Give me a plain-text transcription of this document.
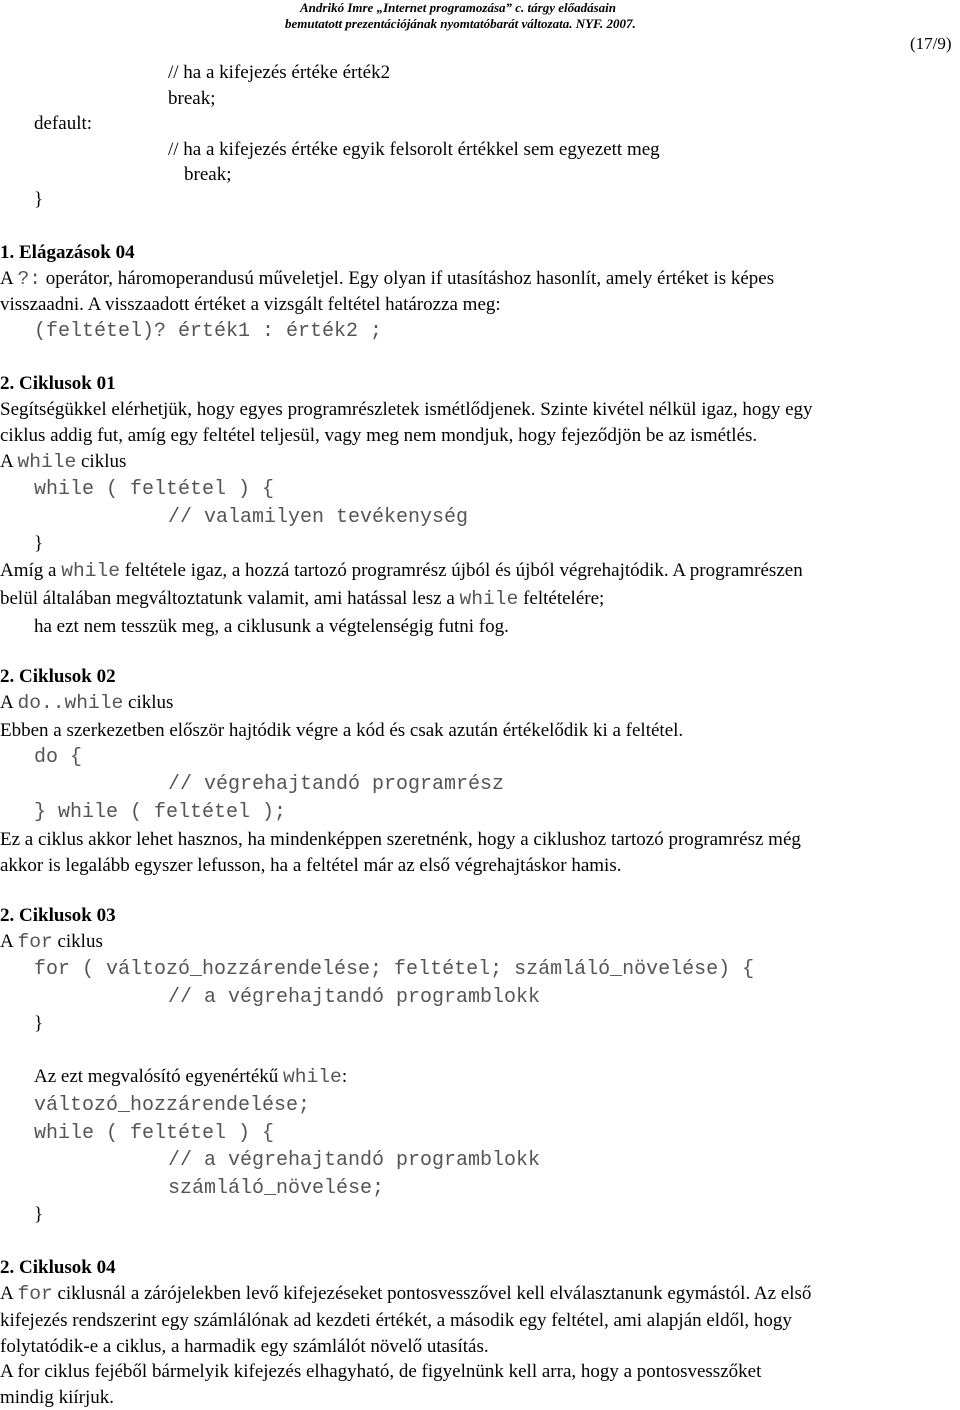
Andrikó Imre „Internet programozása” c. tárgy előadásain
bemutatott prezentációjának nyomtatóbarát változata. NYF. 2007.
(17/9)
// ha a kifejezés értéke érték2
break;
default:
// ha a kifejezés értéke egyik felsorolt értékkel sem egyezett meg
break;
}
1. Elágazások 04
A ?: operátor, háromoperandusú műveletjel. Egy olyan if utasításhoz hasonlít, amely értéket is képes
visszaadni. A visszaadott értéket a vizsgált feltétel határozza meg:
(feltétel)? érték1 : érték2 ;
2. Ciklusok 01
Segítségükkel elérhetjük, hogy egyes programrészletek ismétlődjenek. Szinte kivétel nélkül igaz, hogy egy
ciklus addig fut, amíg egy feltétel teljesül, vagy meg nem mondjuk, hogy fejeződjön be az ismétlés.
A while ciklus
while ( feltétel ) {
// valamilyen tevékenység
}
Amíg a while feltétele igaz, a hozzá tartozó programrész újból és újból végrehajtódik. A programrészen
belül általában megváltoztatunk valamit, ami hatással lesz a while feltételére;
ha ezt nem tesszük meg, a ciklusunk a végtelenségig futni fog.
2. Ciklusok 02
A do..while ciklus
Ebben a szerkezetben először hajtódik végre a kód és csak azután értékelődik ki a feltétel.
do {
// végrehajtandó programrész
} while ( feltétel );
Ez a ciklus akkor lehet hasznos, ha mindenképpen szeretnénk, hogy a ciklushoz tartozó programrész még
akkor is legalább egyszer lefusson, ha a feltétel már az első végrehajtáskor hamis.
2. Ciklusok 03
A for ciklus
for ( változó_hozzárendelése; feltétel; számláló_növelése) {
// a végrehajtandó programblokk
}
Az ezt megvalósító egyenértékű while:
változó_hozzárendelése;
while ( feltétel ) {
// a végrehajtandó programblokk
számláló_növelése;
}
2. Ciklusok 04
A for ciklusnál a zárójelekben levő kifejezéseket pontosvesszővel kell elválasztanunk egymástól. Az első
kifejezés rendszerint egy számlálónak ad kezdeti értékét, a második egy feltétel, ami alapján eldől, hogy
folytatódik-e a ciklus, a harmadik egy számlálót növelő utasítás.
A for ciklus fejéből bármelyik kifejezés elhagyható, de figyelnünk kell arra, hogy a pontosvesszőket
mindig kiírjuk.
